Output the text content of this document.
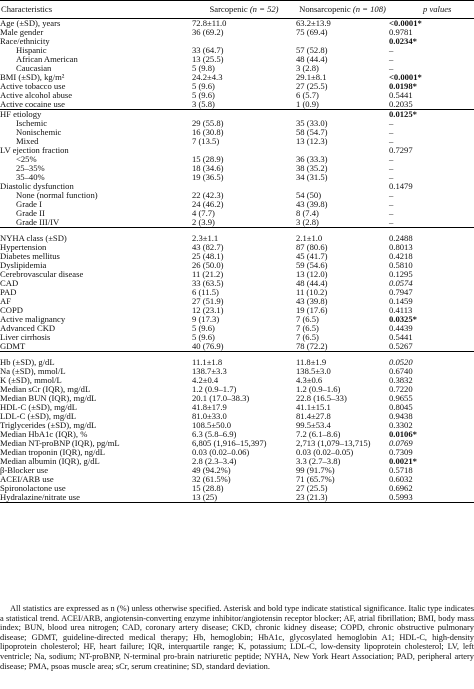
Characteristics	Sarcopenic (n = 52)	Nonsarcopenic (n = 108)	p values
Age (±SD), years	72.8±11.0	63.2±13.9	<0.0001*
Male gender	36 (69.2)	75 (69.4)	0.9781
Race/ethnicity			0.0234*
Hispanic	33 (64.7)	57 (52.8)	–
African American	13 (25.5)	48 (44.4)	–
Caucasian	5 (9.8)	3 (2.8)	–
BMI (±SD), kg/m²	24.2±4.3	29.1±8.1	<0.0001*
Active tobacco use	5 (9.6)	27 (25.5)	0.0198*
Active alcohol abuse	5 (9.6)	6 (5.7)	0.5441
Active cocaine use	3 (5.8)	1 (0.9)	0.2035
HF etiology			0.0125*
Ischemic	29 (55.8)	35 (33.0)	–
Nonischemic	16 (30.8)	58 (54.7)	–
Mixed	7 (13.5)	13 (12.3)	–
LV ejection fraction			0.7297
<25%	15 (28.9)	36 (33.3)	–
25–35%	18 (34.6)	38 (35.2)	–
35–40%	19 (36.5)	34 (31.5)	–
Diastolic dysfunction			0.1479
None (normal function)	22 (42.3)	54 (50)	–
Grade I	24 (46.2)	43 (39.8)	–
Grade II	4 (7.7)	8 (7.4)	–
Grade III/IV	2 (3.9)	3 (2.8)	–

NYHA class (±SD)	2.3±1.1	2.1±1.0	0.2488
Hypertension	43 (82.7)	87 (80.6)	0.8013
Diabetes mellitus	25 (48.1)	45 (41.7)	0.4218
Dyslipidemia	26 (50.0)	59 (54.6)	0.5810
Cerebrovascular disease	11 (21.2)	13 (12.0)	0.1295
CAD	33 (63.5)	48 (44.4)	0.0574
PAD	6 (11.5)	11 (10.2)	0.7947
AF	27 (51.9)	43 (39.8)	0.1459
COPD	12 (23.1)	19 (17.6)	0.4113
Active malignancy	9 (17.3)	7 (6.5)	0.0325*
Advanced CKD	5 (9.6)	7 (6.5)	0.4439
Liver cirrhosis	5 (9.6)	7 (6.5)	0.5441
GDMT	40 (76.9)	78 (72.2)	0.5267

Hb (±SD), g/dL	11.1±1.8	11.8±1.9	0.0520
Na (±SD), mmol/L	138.7±3.3	138.5±3.0	0.6740
K (±SD), mmol/L	4.2±0.4	4.3±0.6	0.3832
Median sCr (IQR), mg/dL	1.2 (0.9–1.7)	1.2 (0.9–1.6)	0.7220
Median BUN (IQR), mg/dL	20.1 (17.0–38.3)	22.8 (16.5–33)	0.9655
HDL-C (±SD), mg/dL	41.8±17.9	41.1±15.1	0.8045
LDL-C (±SD), mg/dL	81.0±33.0	81.4±27.8	0.9438
Triglycerides (±SD), mg/dL	108.5±50.0	99.5±53.4	0.3302
Median HbA1c (IQR), %	6.3 (5.8–6.9)	7.2 (6.1–8.6)	0.0106*
Median NT-proBNP (IQR), pg/mL	6,805 (1,916–15,397)	2,713 (1,079–13,715)	0.0769
Median troponin (IQR), ng/dL	0.03 (0.02–0.06)	0.03 (0.02–0.05)	0.7309
Median albumin (IQR), g/dL	2.8 (2.3–3.4)	3.3 (2.7–3.8)	0.0021*
β-Blocker use	49 (94.2%)	99 (91.7%)	0.5718
ACEI/ARB use	32 (61.5%)	71 (65.7%)	0.6032
Spironolactone use	15 (28.8)	27 (25.5)	0.6962
Hydralazine/nitrate use	13 (25)	23 (21.3)	0.5993

All statistics are expressed as n (%) unless otherwise specified. Asterisk and bold type indicate statistical significance. Italic type indicates a statistical trend. ACEI/ARB, angiotensin-converting enzyme inhibitor/angiotensin receptor blocker; AF, atrial fibrillation; BMI, body mass index; BUN, blood urea nitrogen; CAD, coronary artery disease; CKD, chronic kidney disease; COPD, chronic obstructive pulmonary disease; GDMT, guideline-directed medical therapy; Hb, hemoglobin; HbA1c, glycosylated hemoglobin A1; HDL-C, high-density lipoprotein cholesterol; HF, heart failure; IQR, interquartile range; K, potassium; LDL-C, low-density lipoprotein cholesterol; LV, left ventricle; Na, sodium; NT-proBNP, N-terminal pro-brain natriuretic peptide; NYHA, New York Heart Association; PAD, peripheral artery disease; PMA, psoas muscle area; sCr, serum creatinine; SD, standard deviation.
